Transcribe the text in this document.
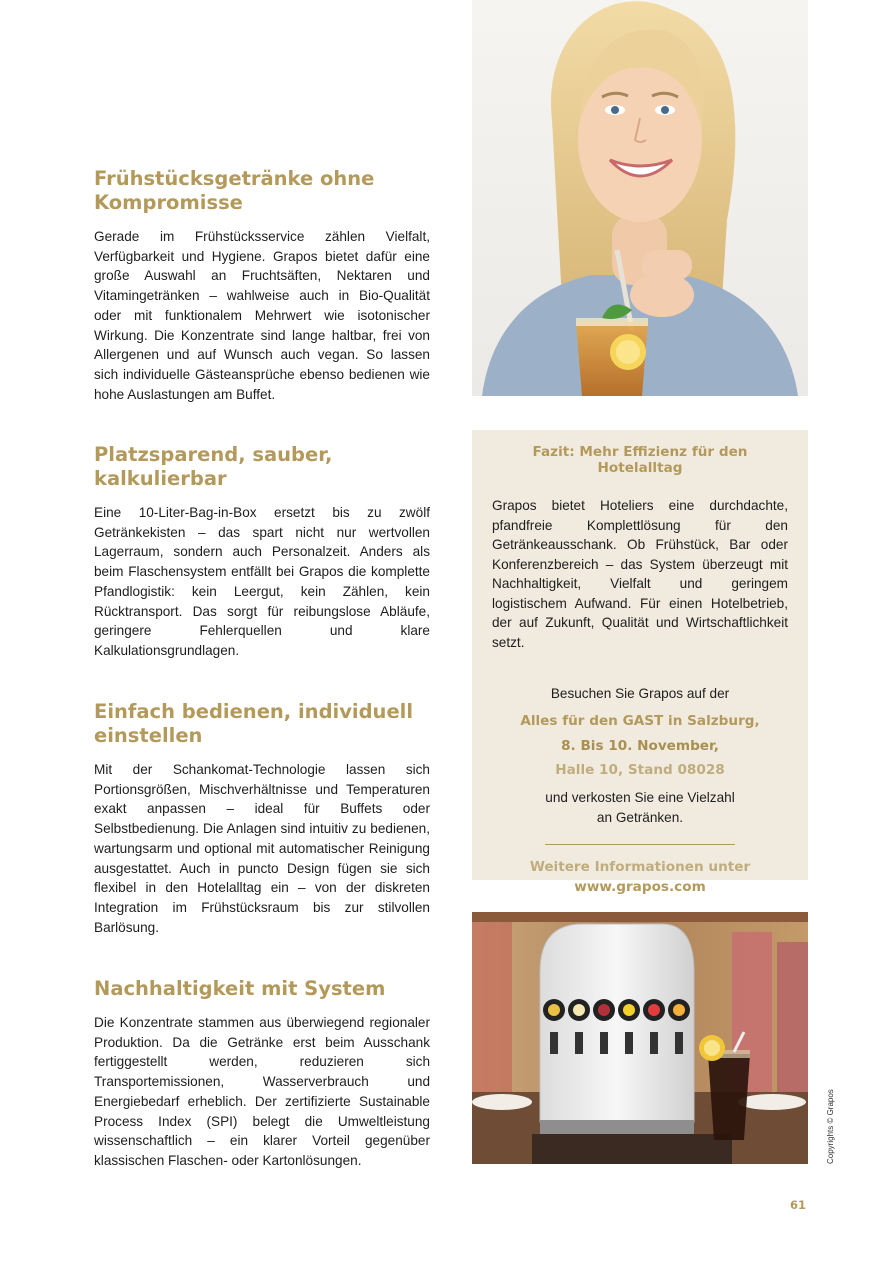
Frühstücksgetränke ohne Kompromisse

Gerade im Frühstücksservice zählen Vielfalt, Verfügbarkeit und Hygiene. Grapos bietet dafür eine große Auswahl an Fruchtsäften, Nektaren und Vitamingetränken – wahlweise auch in Bio-Qualität oder mit funktionalem Mehrwert wie isotonischer Wirkung. Die Konzentrate sind lange haltbar, frei von Allergenen und auf Wunsch auch vegan. So lassen sich individuelle Gästeansprüche ebenso bedienen wie hohe Auslastungen am Buffet.

Platzsparend, sauber, kalkulierbar

Eine 10-Liter-Bag-in-Box ersetzt bis zu zwölf Getränkekisten – das spart nicht nur wertvollen Lagerraum, sondern auch Personalzeit. Anders als beim Flaschensystem entfällt bei Grapos die komplette Pfandlogistik: kein Leergut, kein Zählen, kein Rücktransport. Das sorgt für reibungslose Abläufe, geringere Fehlerquellen und klare Kalkulationsgrundlagen.

Einfach bedienen, individuell einstellen

Mit der Schankomat-Technologie lassen sich Portionsgrößen, Mischverhältnisse und Temperaturen exakt anpassen – ideal für Buffets oder Selbstbedienung. Die Anlagen sind intuitiv zu bedienen, wartungsarm und optional mit automatischer Reinigung ausgestattet. Auch in puncto Design fügen sie sich flexibel in den Hotelalltag ein – von der diskreten Integration im Frühstücksraum bis zur stilvollen Barlösung.

Nachhaltigkeit mit System

Die Konzentrate stammen aus überwiegend regionaler Produktion. Da die Getränke erst beim Ausschank fertiggestellt werden, reduzieren sich Transportemissionen, Wasserverbrauch und Energiebedarf erheblich. Der zertifizierte Sustainable Process Index (SPI) belegt die Umweltleistung wissenschaftlich – ein klarer Vorteil gegenüber klassischen Flaschen- oder Kartonlösungen.

Fazit: Mehr Effizienz für den Hotelalltag

Grapos bietet Hoteliers eine durchdachte, pfandfreie Komplettlösung für den Getränkeausschank. Ob Frühstück, Bar oder Konferenzbereich – das System überzeugt mit Nachhaltigkeit, Vielfalt und geringem logistischem Aufwand. Für einen Hotelbetrieb, der auf Zukunft, Qualität und Wirtschaftlichkeit setzt.

Besuchen Sie Grapos auf der

Alles für den GAST in Salzburg,

8. Bis 10. November,

Halle 10, Stand 08028

und verkosten Sie eine Vielzahl

an Getränken.

Weitere Informationen unter

www.grapos.com

Copyrights © Grapos
61
